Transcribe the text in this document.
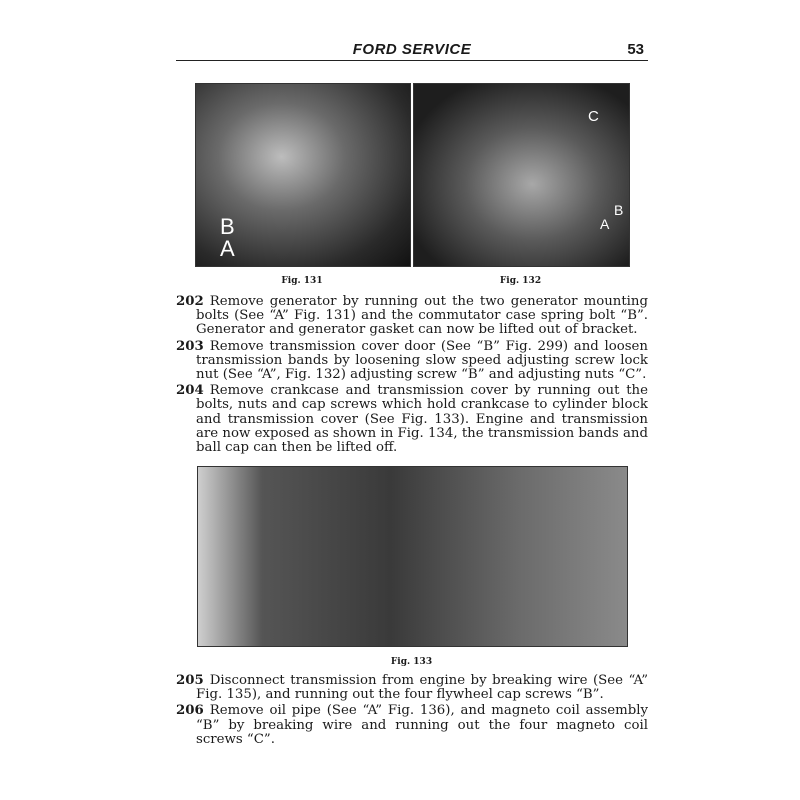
FORD SERVICE	53
B
A
Fig. 131
C
B
A
Fig. 132

202 Remove generator by running out the two generator mounting bolts (See “A” Fig. 131) and the commutator case spring bolt “B”. Generator and generator gasket can now be lifted out of bracket.

203 Remove transmission cover door (See “B” Fig. 299) and loosen transmission bands by loosening slow speed adjusting screw lock nut (See “A”, Fig. 132) adjusting screw “B” and adjusting nuts “C”.

204 Remove crankcase and transmission cover by running out the bolts, nuts and cap screws which hold crankcase to cylinder block and transmission cover (See Fig. 133). Engine and transmission are now exposed as shown in Fig. 134, the transmission bands and ball cap can then be lifted off.

Fig. 133

205 Disconnect transmission from engine by breaking wire (See “A” Fig. 135), and running out the four flywheel cap screws “B”.

206 Remove oil pipe (See “A” Fig. 136), and magneto coil assembly “B” by breaking wire and running out the four magneto coil screws “C”.
